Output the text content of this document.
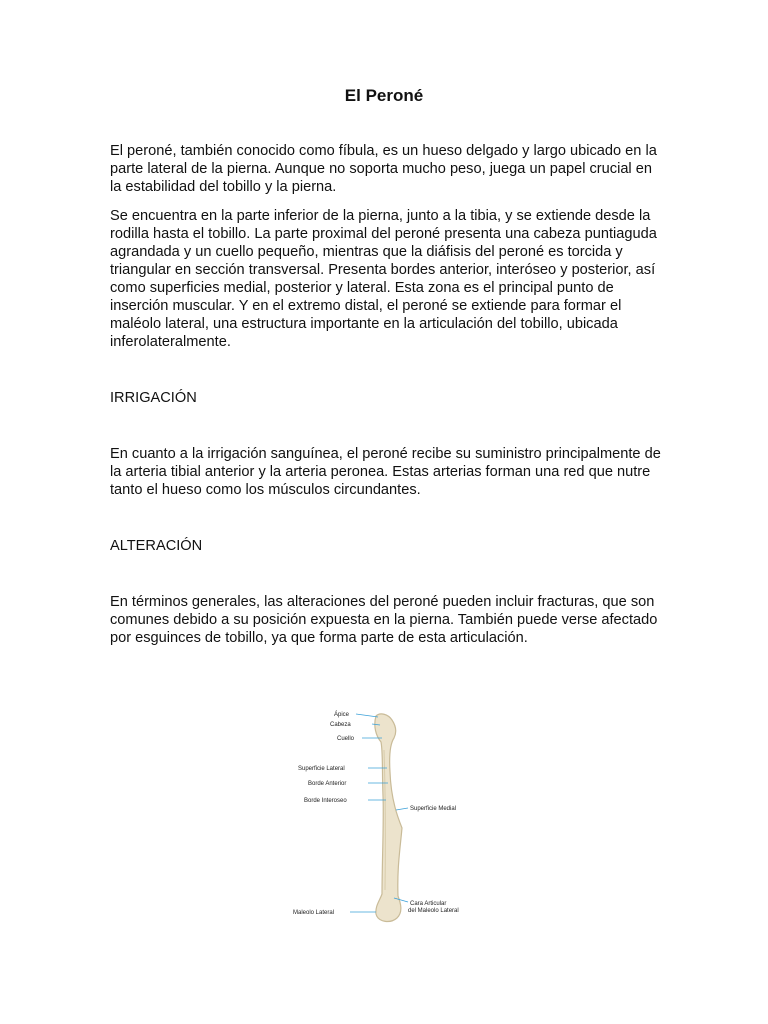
El Peroné

El peroné, también conocido como fíbula, es un hueso delgado y largo ubicado en la parte lateral de la pierna. Aunque no soporta mucho peso, juega un papel crucial en la estabilidad del tobillo y la pierna.

Se encuentra en la parte inferior de la pierna, junto a la tibia, y se extiende desde la rodilla hasta el tobillo. La parte proximal del peroné presenta una cabeza puntiaguda agrandada y un cuello pequeño, mientras que la diáfisis del peroné es torcida y triangular en sección transversal. Presenta bordes anterior, interóseo y posterior, así como superficies medial, posterior y lateral. Esta zona es el principal punto de inserción muscular. Y en el extremo distal, el peroné se extiende para formar el maléolo lateral, una estructura importante en la articulación del tobillo, ubicada inferolateralmente.

IRRIGACIÓN

En cuanto a la irrigación sanguínea, el peroné recibe su suministro principalmente de la arteria tibial anterior y la arteria peronea. Estas arterias forman una red que nutre tanto el hueso como los músculos circundantes.

ALTERACIÓN

En términos generales, las alteraciones del peroné pueden incluir fracturas, que son comunes debido a su posición expuesta en la pierna. También puede verse afectado por esguinces de tobillo, ya que forma parte de esta articulación.

Ápice
Cabeza
Cuello
Superficie Lateral
Borde Anterior
Borde Interoseo
Superficie Medial
Cara Articular
del Maleolo Lateral
Maleolo Lateral
